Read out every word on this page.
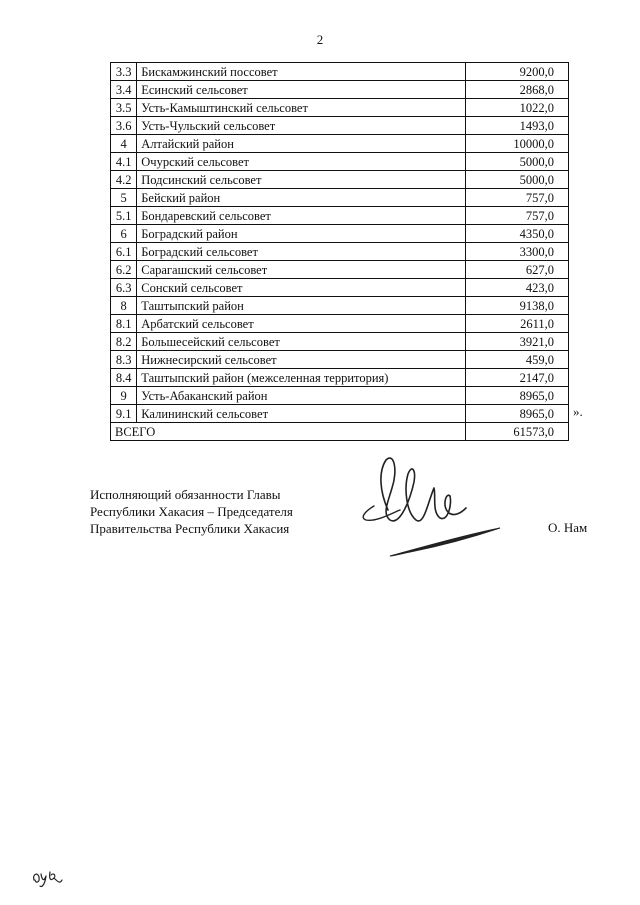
2
3.3	Бискамжинский поссовет	9200,0
3.4	Есинский сельсовет	2868,0
3.5	Усть-Камыштинский сельсовет	1022,0
3.6	Усть-Чульский сельсовет	1493,0
4	Алтайский район	10000,0
4.1	Очурский сельсовет	5000,0
4.2	Подсинский сельсовет	5000,0
5	Бейский район	757,0
5.1	Бондаревский сельсовет	757,0
6	Боградский район	4350,0
6.1	Боградский сельсовет	3300,0
6.2	Сарагашский сельсовет	627,0
6.3	Сонский сельсовет	423,0
8	Таштыпский район	9138,0
8.1	Арбатский сельсовет	2611,0
8.2	Большесейский сельсовет	3921,0
8.3	Нижнесирский сельсовет	459,0
8.4	Таштыпский район (межселенная территория)	2147,0
9	Усть-Абаканский район	8965,0
9.1	Калининский сельсовет	8965,0
ВСЕГО		61573,0
».
Исполняющий обязанности Главы
Республики Хакасия – Председателя
Правительства Республики Хакасия	О. Нам
